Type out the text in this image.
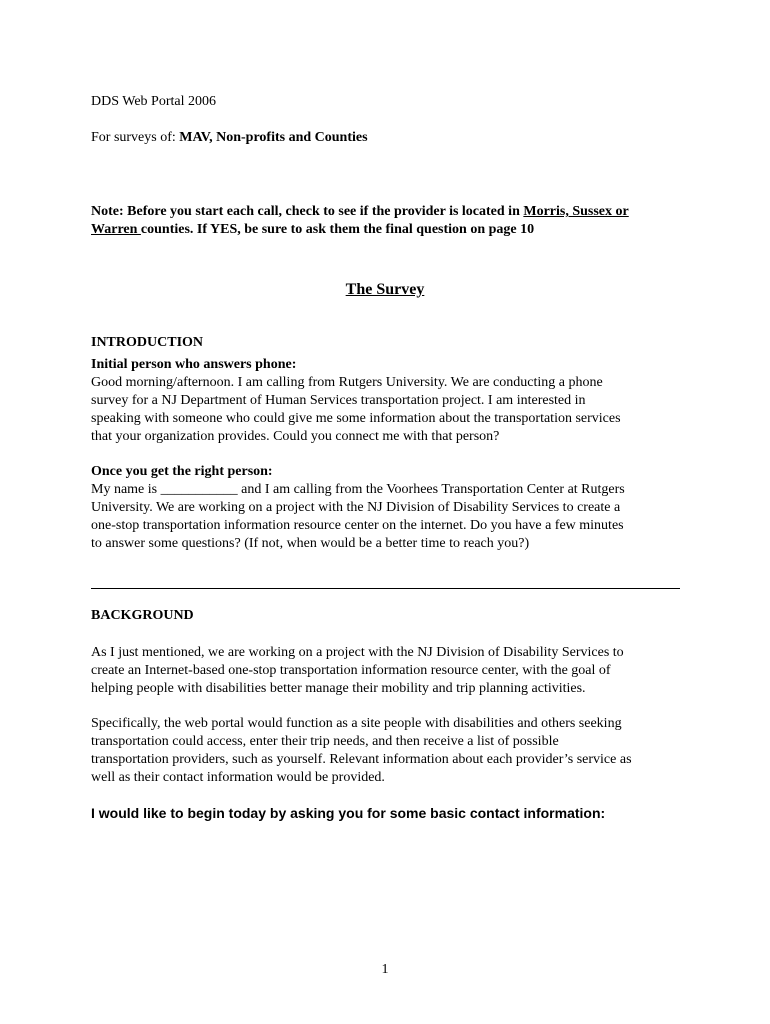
DDS Web Portal 2006

For surveys of: MAV, Non-profits and Counties

Note: Before you start each call, check to see if the provider is located in Morris, Sussex or
Warren counties. If YES, be sure to ask them the final question on page 10
The Survey

INTRODUCTION

Initial person who answers phone:
Good morning/afternoon. I am calling from Rutgers University. We are conducting a phone
survey for a NJ Department of Human Services transportation project. I am interested in
speaking with someone who could give me some information about the transportation services
that your organization provides. Could you connect me with that person?
Once you get the right person:
My name is ___________ and I am calling from the Voorhees Transportation Center at Rutgers
University. We are working on a project with the NJ Division of Disability Services to create a
one-stop transportation information resource center on the internet. Do you have a few minutes
to answer some questions? (If not, when would be a better time to reach you?)

BACKGROUND

As I just mentioned, we are working on a project with the NJ Division of Disability Services to
create an Internet-based one-stop transportation information resource center, with the goal of
helping people with disabilities better manage their mobility and trip planning activities.
Specifically, the web portal would function as a site people with disabilities and others seeking
transportation could access, enter their trip needs, and then receive a list of possible
transportation providers, such as yourself. Relevant information about each provider’s service as
well as their contact information would be provided.

I would like to begin today by asking you for some basic contact information:

1
